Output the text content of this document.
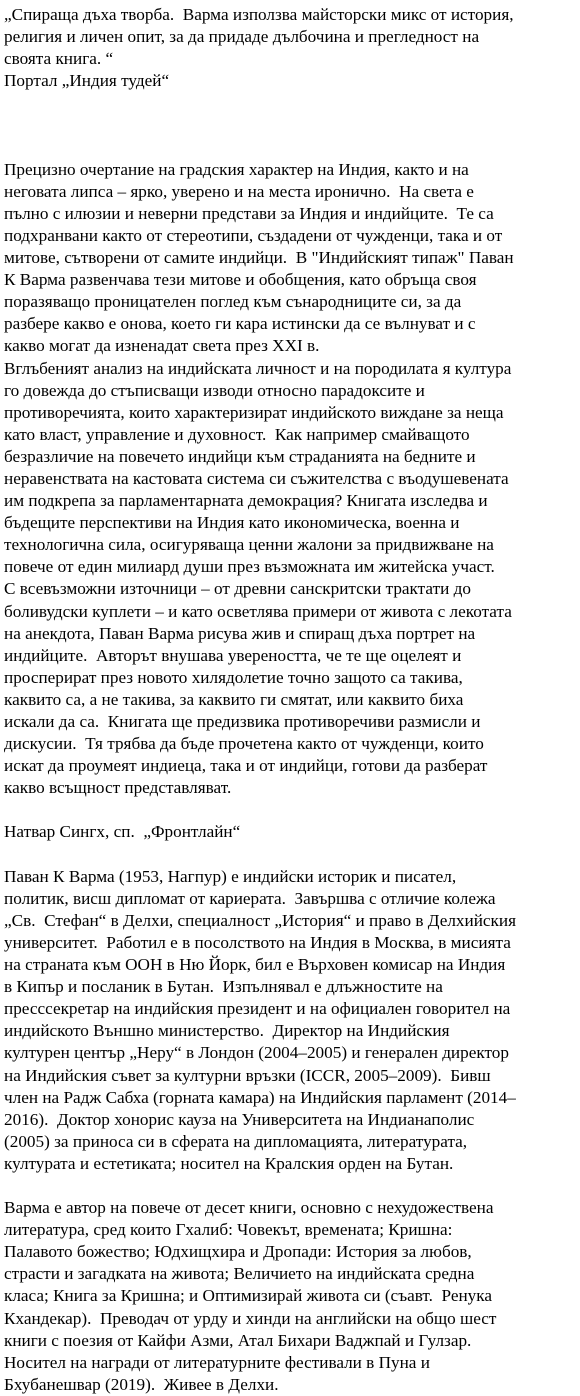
„Спираща дъха творба.  Варма използва майсторски микс от история,
религия и личен опит, за да придаде дълбочина и прегледност на
своята книга. “
Портал „Индия тудей“
Прецизно очертание на градския характер на Индия, както и на
неговата липса – ярко, уверено и на места иронично.  На света е
пълно с илюзии и неверни представи за Индия и индийците.  Те са
подхранвани както от стереотипи, създадени от чужденци, така и от
митове, сътворени от самите индийци.  В "Индийският типаж" Паван
К Варма развенчава тези митове и обобщения, като обръща своя
поразяващо проницателен поглед към сънародниците си, за да
разбере какво е онова, което ги кара истински да се вълнуват и с
какво могат да изненадат света през XXI в.
Вглъбеният анализ на индийската личност и на породилата я култура
го довежда до стъписващи изводи относно парадоксите и
противоречията, които характеризират индийското виждане за неща
като власт, управление и духовност.  Как например смайващото
безразличие на повечето индийци към страданията на бедните и
неравенствата на кастовата система си съжителства с въодушевената
им подкрепа за парламентарната демокрация? Книгата изследва и
бъдещите перспективи на Индия като икономическа, военна и
технологична сила, осигуряваща ценни жалони за придвижване на
повече от един милиард души през възможната им житейска участ.
С всевъзможни източници – от древни санскритски трактати до
боливудски куплети – и като осветлява примери от живота с лекотата
на анекдота, Паван Варма рисува жив и спиращ дъха портрет на
индийците.  Авторът внушава увереността, че те ще оцелеят и
просперират през новото хилядолетие точно защото са такива,
каквито са, а не такива, за каквито ги смятат, или каквито биха
искали да са.  Книгата ще предизвика противоречиви размисли и
дискусии.  Тя трябва да бъде прочетена както от чужденци, които
искат да проумеят индиеца, така и от индийци, готови да разберат
какво всъщност представляват.
Натвар Сингх, сп.  „Фронтлайн“
Паван К Варма (1953, Нагпур) е индийски историк и писател,
политик, висш дипломат от кариерата.  Завършва с отличие колежа
„Св.  Стефан“ в Делхи, специалност „История“ и право в Делхийския
университет.  Работил е в посолството на Индия в Москва, в мисията
на страната към ООН в Ню Йорк, бил е Върховен комисар на Индия
в Кипър и посланик в Бутан.  Изпълнявал е длъжностите на
пресссекретар на индийския президент и на официален говорител на
индийското Външно министерство.  Директор на Индийския
културен център „Неру“ в Лондон (2004–2005) и генерален директор
на Индийския съвет за културни връзки (ICCR, 2005–2009).  Бивш
член на Радж Сабха (горната камара) на Индийския парламент (2014–
2016).  Доктор хонорис кауза на Университета на Индианаполис
(2005) за приноса си в сферата на дипломацията, литературата,
културата и естетиката; носител на Кралския орден на Бутан.
Варма е автор на повече от десет книги, основно с нехудожествена
литература, сред които Гхалиб: Човекът, времената; Кришна:
Палавото божество; Юдхищхира и Дропади: История за любов,
страсти и загадката на живота; Величието на индийската средна
класа; Книга за Кришна; и Оптимизирай живота си (съавт.  Ренука
Кхандекар).  Преводач от урду и хинди на английски на общо шест
книги с поезия от Кайфи Азми, Атал Бихари Ваджпай и Гулзар.
Носител на награди от литературните фестивали в Пуна и
Бхубанешвар (2019).  Живее в Делхи.
